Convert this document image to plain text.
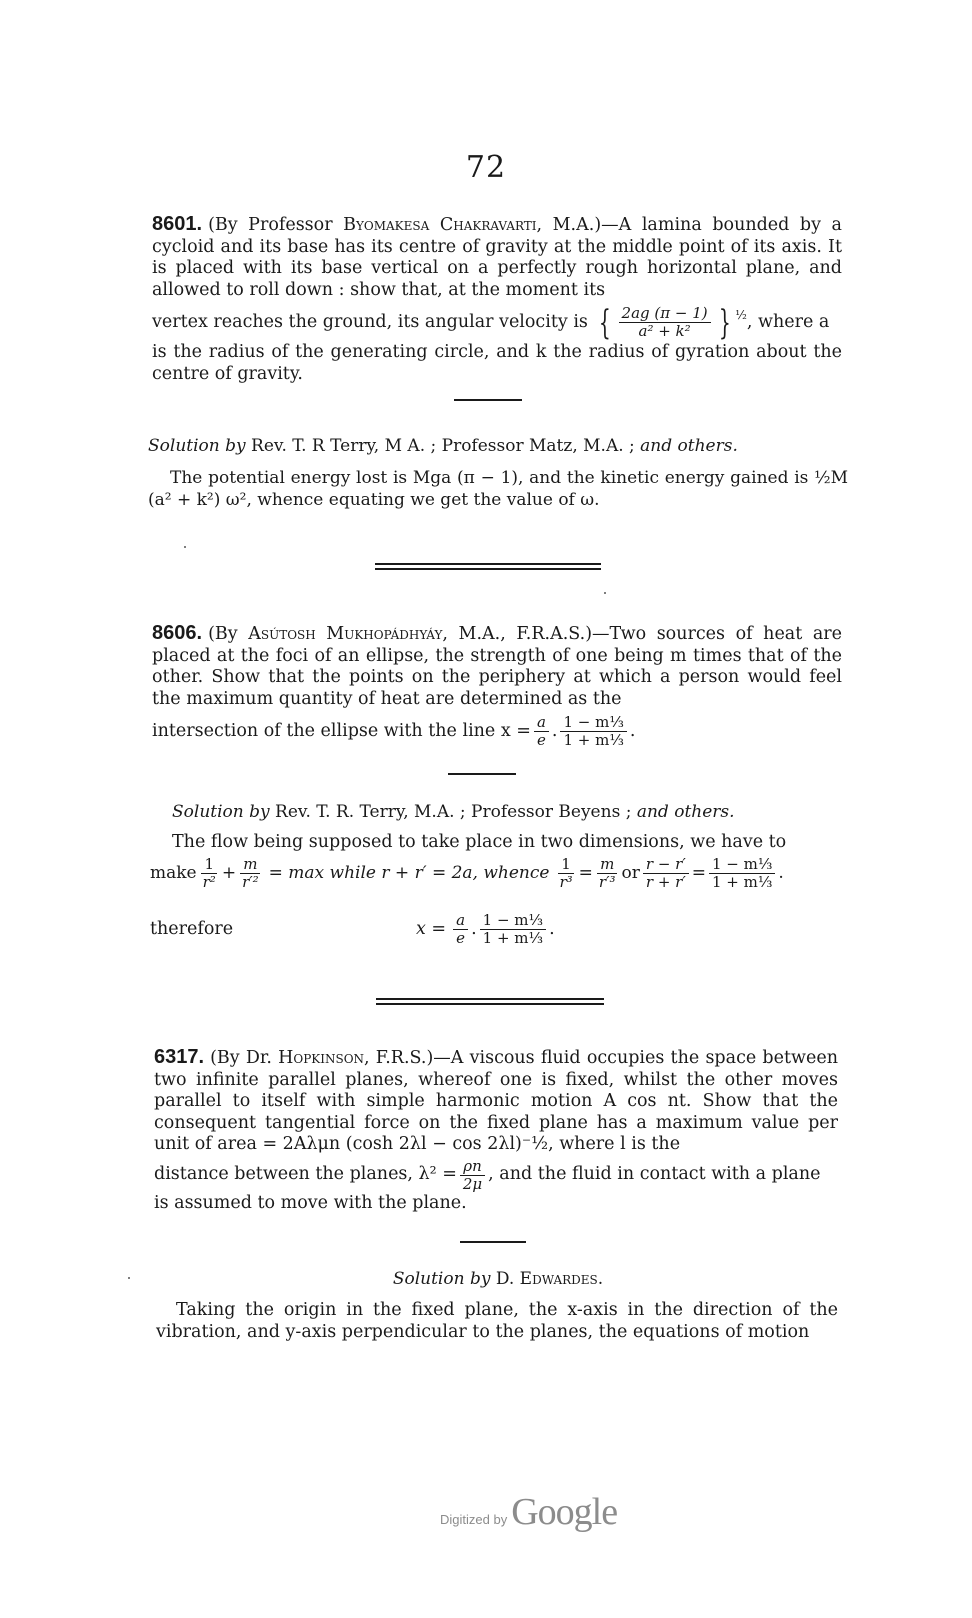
72
8601. (By Professor Byomakesa Chakravarti, M.A.)—A lamina bounded by a cycloid and its base has its centre of gravity at the middle point of its axis. It is placed with its base vertical on a perfectly rough horizontal plane, and allowed to roll down : show that, at the moment its
vertex reaches the ground, its angular velocity is { $\frac{2ag (\pi - 1)}{\text{a² + k²}}$ } $^{\frac{1}{2}}$ , where a
is the radius of the generating circle, and k the radius of gyration about the centre of gravity.
Solution by Rev. T. R Terry, M A. ; Professor Matz, M.A. ; and others.
The potential energy lost is Mga (π − 1), and the kinetic energy gained is ½M (a² + k²) ω², whence equating we get the value of ω.
8606. (By Asútosh Mukhopádhyáy, M.A., F.R.A.S.)—Two sources of heat are placed at the foci of an ellipse, the strength of one being m times that of the other. Show that the points on the periphery at which a person would feel the maximum quantity of heat are determined as the
intersection of the ellipse with the line $x = \frac{a}{e}$ . $\frac{\text{1 − m⅓}}{\text{1 + m⅓}}$ .
Solution by Rev. T. R. Terry, M.A. ; Professor Beyens ; and others.
The flow being supposed to take place in two dimensions, we have to
make $\frac{1}{\text{r²}} + \frac{m}{\text{r′²}} = \max$ while r + r′ = 2a, whence $\frac{1}{\text{r³}} = \frac{m}{\text{r′³}}$ or $\frac{r - r'}{r + r'} = \frac{\text{1 − m⅓}}{\text{1 + m⅓}}$ .
therefore	$x = \frac{a}{e}$ . $\frac{\text{1 − m⅓}}{\text{1 + m⅓}}$ .
6317. (By Dr. Hopkinson, F.R.S.)—A viscous fluid occupies the space between two infinite parallel planes, whereof one is fixed, whilst the other moves parallel to itself with simple harmonic motion A cos nt. Show that the consequent tangential force on the fixed plane has a maximum value per unit of area = 2Aλμn (cosh 2λl − cos 2λl)⁻½, where l is the
distance between the planes, $\lambda^2 = \frac{\rho n}{2\mu}$ , and the fluid in contact with a plane
is assumed to move with the plane.
Solution by D. Edwardes.
Taking the origin in the fixed plane, the x-axis in the direction of the vibration, and y-axis perpendicular to the planes, the equations of motion
Digitized by Google
